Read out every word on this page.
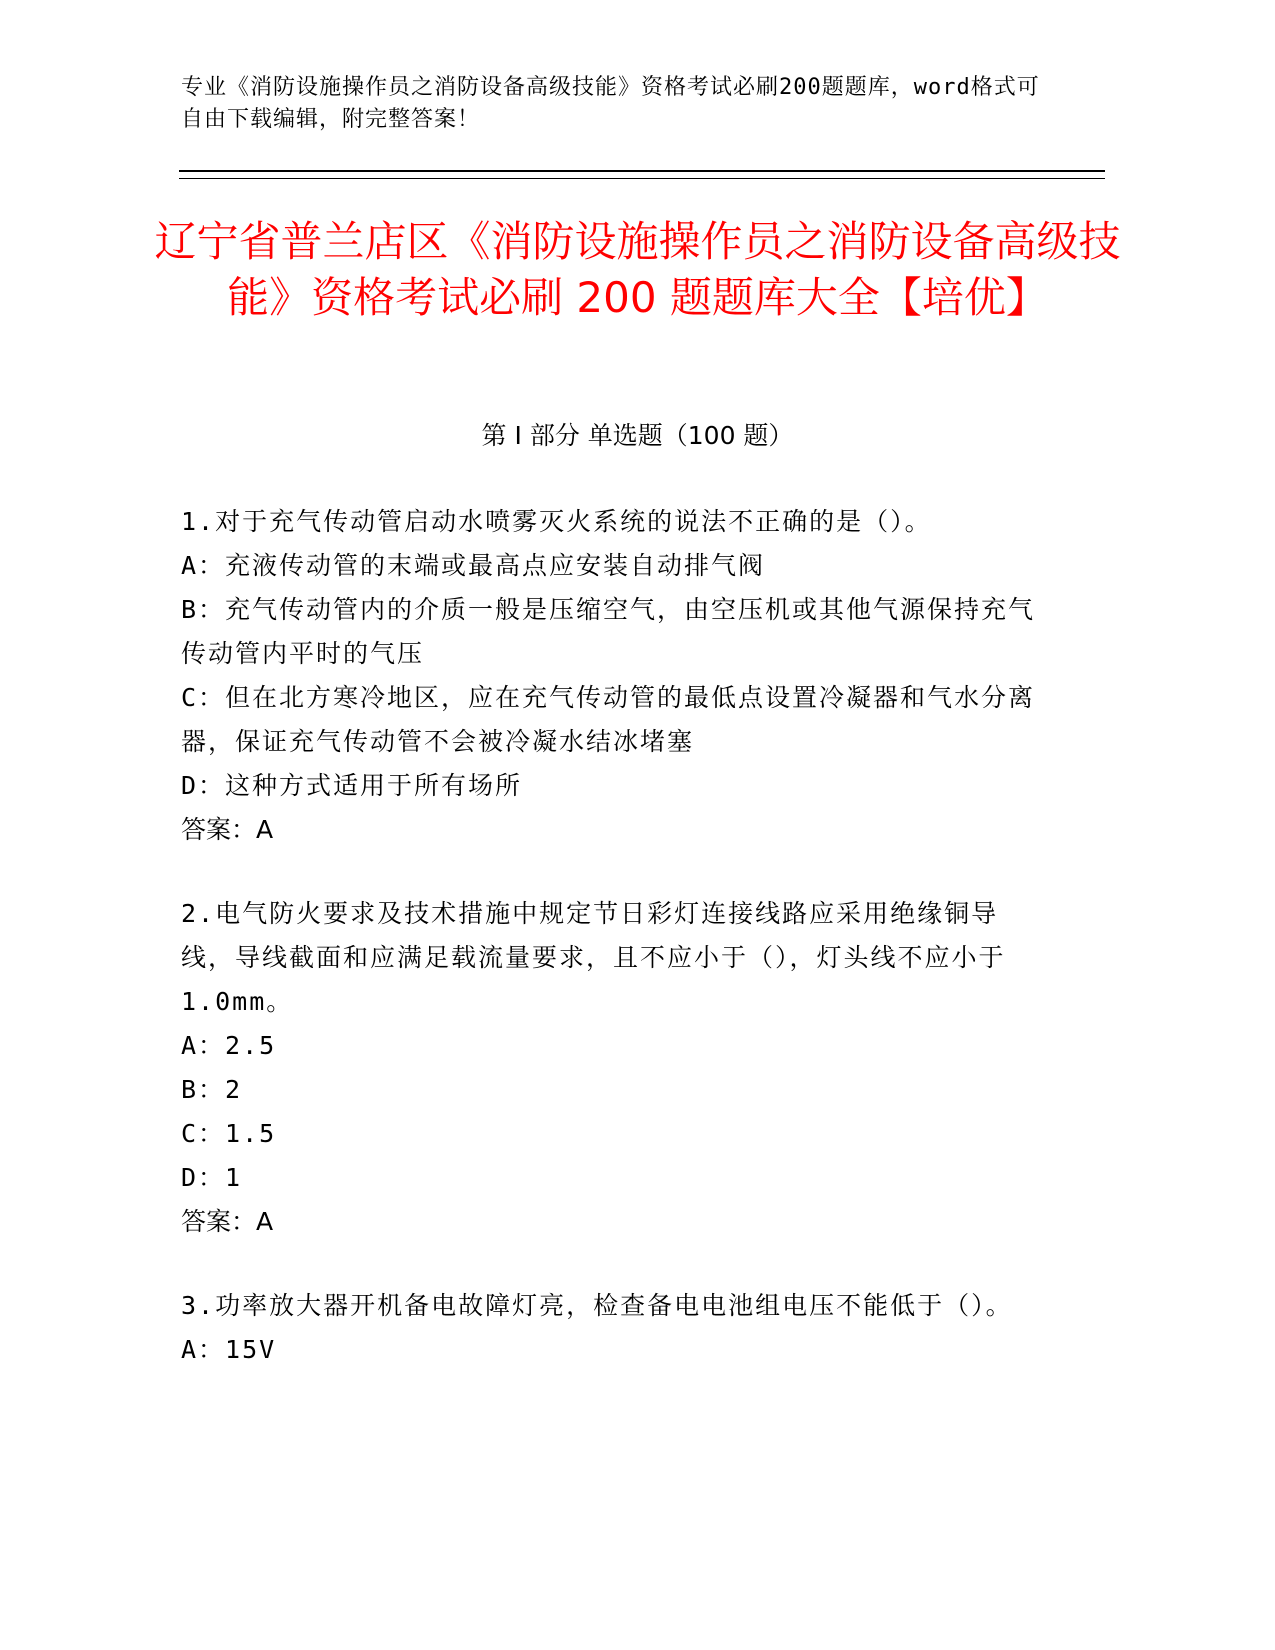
专业《消防设施操作员之消防设备高级技能》资格考试必刷200题题库，word格式可自由下载编辑，附完整答案！
辽宁省普兰店区《消防设施操作员之消防设备高级技能》资格考试必刷 200 题题库大全【培优】
第 I 部分 单选题（100 题）
1.对于充气传动管启动水喷雾灭火系统的说法不正确的是（）。
A：充液传动管的末端或最高点应安装自动排气阀
B：充气传动管内的介质一般是压缩空气，由空压机或其他气源保持充气传动管内平时的气压
C：但在北方寒冷地区，应在充气传动管的最低点设置冷凝器和气水分离器，保证充气传动管不会被冷凝水结冰堵塞
D：这种方式适用于所有场所
答案：A
2.电气防火要求及技术措施中规定节日彩灯连接线路应采用绝缘铜导线，导线截面和应满足载流量要求，且不应小于（），灯头线不应小于1.0mm。
A：2.5
B：2
C：1.5
D：1
答案：A
3.功率放大器开机备电故障灯亮，检查备电电池组电压不能低于（）。
A：15V
